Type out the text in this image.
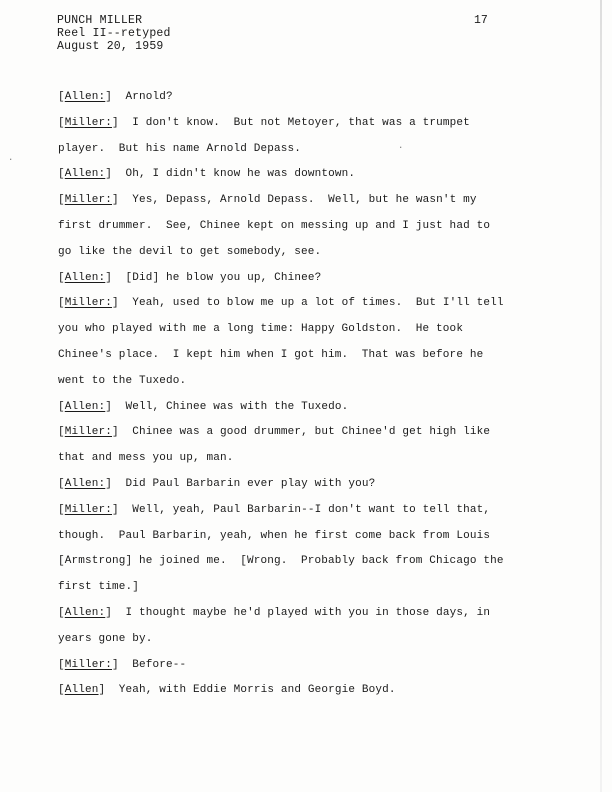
PUNCH MILLER
Reel II--retyped
August 20, 1959
17
[Allen:]  Arnold?
[Miller:]  I don't know.  But not Metoyer, that was a trumpet
player.  But his name Arnold Depass.
[Allen:]  Oh, I didn't know he was downtown.
[Miller:]  Yes, Depass, Arnold Depass.  Well, but he wasn't my
first drummer.  See, Chinee kept on messing up and I just had to
go like the devil to get somebody, see.
[Allen:]  [Did] he blow you up, Chinee?
[Miller:]  Yeah, used to blow me up a lot of times.  But I'll tell
you who played with me a long time: Happy Goldston.  He took
Chinee's place.  I kept him when I got him.  That was before he
went to the Tuxedo.
[Allen:]  Well, Chinee was with the Tuxedo.
[Miller:]  Chinee was a good drummer, but Chinee'd get high like
that and mess you up, man.
[Allen:]  Did Paul Barbarin ever play with you?
[Miller:]  Well, yeah, Paul Barbarin--I don't want to tell that,
though.  Paul Barbarin, yeah, when he first come back from Louis
[Armstrong] he joined me.  [Wrong.  Probably back from Chicago the
first time.]
[Allen:]  I thought maybe he'd played with you in those days, in
years gone by.
[Miller:]  Before--
[Allen]  Yeah, with Eddie Morris and Georgie Boyd.
·
·
